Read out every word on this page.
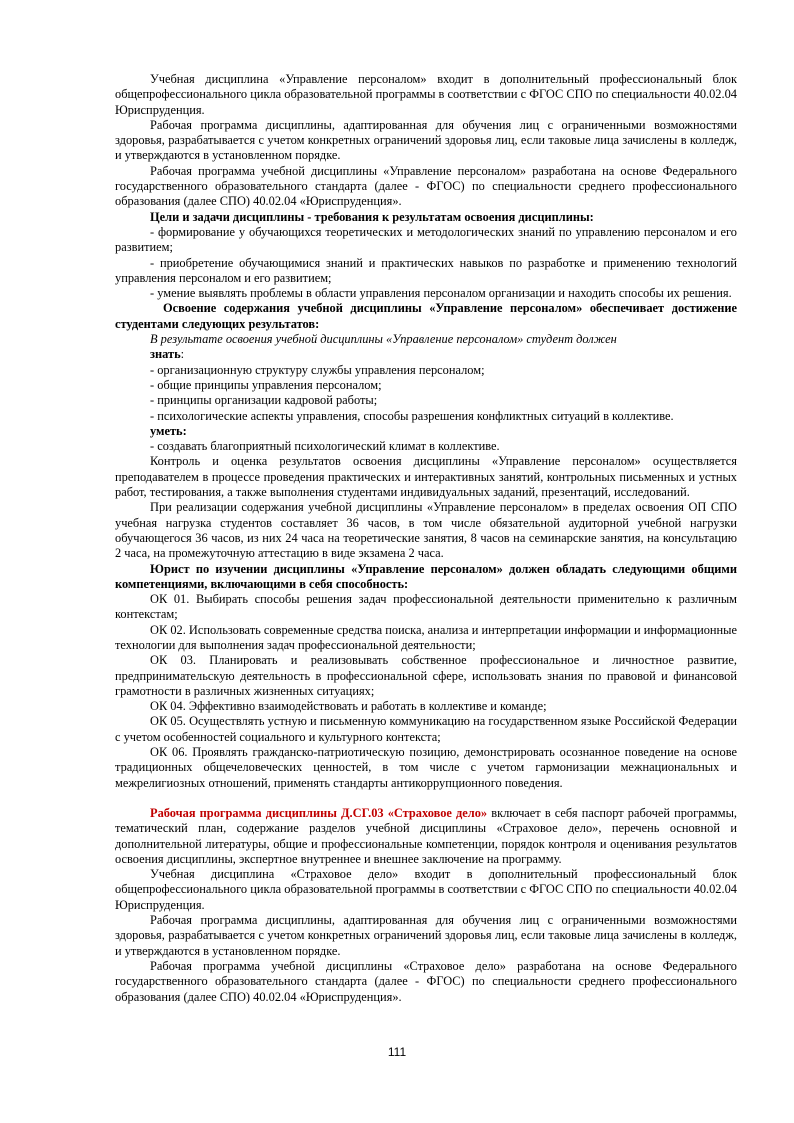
Учебная дисциплина «Управление персоналом» входит в дополнительный профессиональный блок общепрофессионального цикла образовательной программы в соответствии с ФГОС СПО по специальности 40.02.04 Юриспруденция.

Рабочая программа дисциплины, адаптированная для обучения лиц с ограниченными возможностями здоровья, разрабатывается с учетом конкретных ограничений здоровья лиц, если таковые лица зачислены в колледж, и утверждаются в установленном порядке.

Рабочая программа учебной дисциплины «Управление персоналом» разработана на основе Федерального государственного образовательного стандарта (далее - ФГОС) по специальности среднего профессионального образования (далее СПО) 40.02.04 «Юриспруденция».

Цели и задачи дисциплины - требования к результатам освоения дисциплины:

- формирование у обучающихся теоретических и методологических знаний по управлению персоналом и его развитием;

- приобретение обучающимися знаний и практических навыков по разработке и применению технологий управления персоналом и его развитием;

- умение выявлять проблемы в области управления персоналом организации и находить способы их решения.

Освоение содержания учебной дисциплины «Управление персоналом» обеспечивает достижение студентами следующих результатов:

В результате освоения учебной дисциплины «Управление персоналом» студент должен

знать:

- организационную структуру службы управления персоналом;

- общие принципы управления персоналом;

- принципы организации кадровой работы;

- психологические аспекты управления, способы разрешения конфликтных ситуаций в коллективе.

уметь:

- создавать благоприятный психологический климат в коллективе.

Контроль и оценка результатов освоения дисциплины «Управление персоналом» осуществляется преподавателем в процессе проведения практических и интерактивных занятий, контрольных письменных и устных работ, тестирования, а также выполнения студентами индивидуальных заданий, презентаций, исследований.

При реализации содержания учебной дисциплины «Управление персоналом» в пределах освоения ОП СПО учебная нагрузка студентов составляет 36 часов, в том числе обязательной аудиторной учебной нагрузки обучающегося 36 часов, из них 24 часа на теоретические занятия, 8 часов на семинарские занятия, на консультацию 2 часа, на промежуточную аттестацию в виде экзамена 2 часа.

Юрист по изучении дисциплины «Управление персоналом» должен обладать следующими общими компетенциями, включающими в себя способность:

ОК 01. Выбирать способы решения задач профессиональной деятельности применительно к различным контекстам;

ОК 02. Использовать современные средства поиска, анализа и интерпретации информации и информационные технологии для выполнения задач профессиональной деятельности;

ОК 03. Планировать и реализовывать собственное профессиональное и личностное развитие, предпринимательскую деятельность в профессиональной сфере, использовать знания по правовой и финансовой грамотности в различных жизненных ситуациях;

ОК 04. Эффективно взаимодействовать и работать в коллективе и команде;

ОК 05. Осуществлять устную и письменную коммуникацию на государственном языке Российской Федерации с учетом особенностей социального и культурного контекста;

ОК 06. Проявлять гражданско-патриотическую позицию, демонстрировать осознанное поведение на основе традиционных общечеловеческих ценностей, в том числе с учетом гармонизации межнациональных и межрелигиозных отношений, применять стандарты антикоррупционного поведения.

Рабочая программа дисциплины Д.СГ.03 «Страховое дело» включает в себя паспорт рабочей программы, тематический план, содержание разделов учебной дисциплины «Страховое дело», перечень основной и дополнительной литературы, общие и профессиональные компетенции, порядок контроля и оценивания результатов освоения дисциплины, экспертное внутреннее и внешнее заключение на программу.

Учебная дисциплина «Страховое дело» входит в дополнительный профессиональный блок общепрофессионального цикла образовательной программы в соответствии с ФГОС СПО по специальности 40.02.04 Юриспруденция.

Рабочая программа дисциплины, адаптированная для обучения лиц с ограниченными возможностями здоровья, разрабатывается с учетом конкретных ограничений здоровья лиц, если таковые лица зачислены в колледж, и утверждаются в установленном порядке.

Рабочая программа учебной дисциплины «Страховое дело» разработана на основе Федерального государственного образовательного стандарта (далее - ФГОС) по специальности среднего профессионального образования (далее СПО) 40.02.04 «Юриспруденция».

111
